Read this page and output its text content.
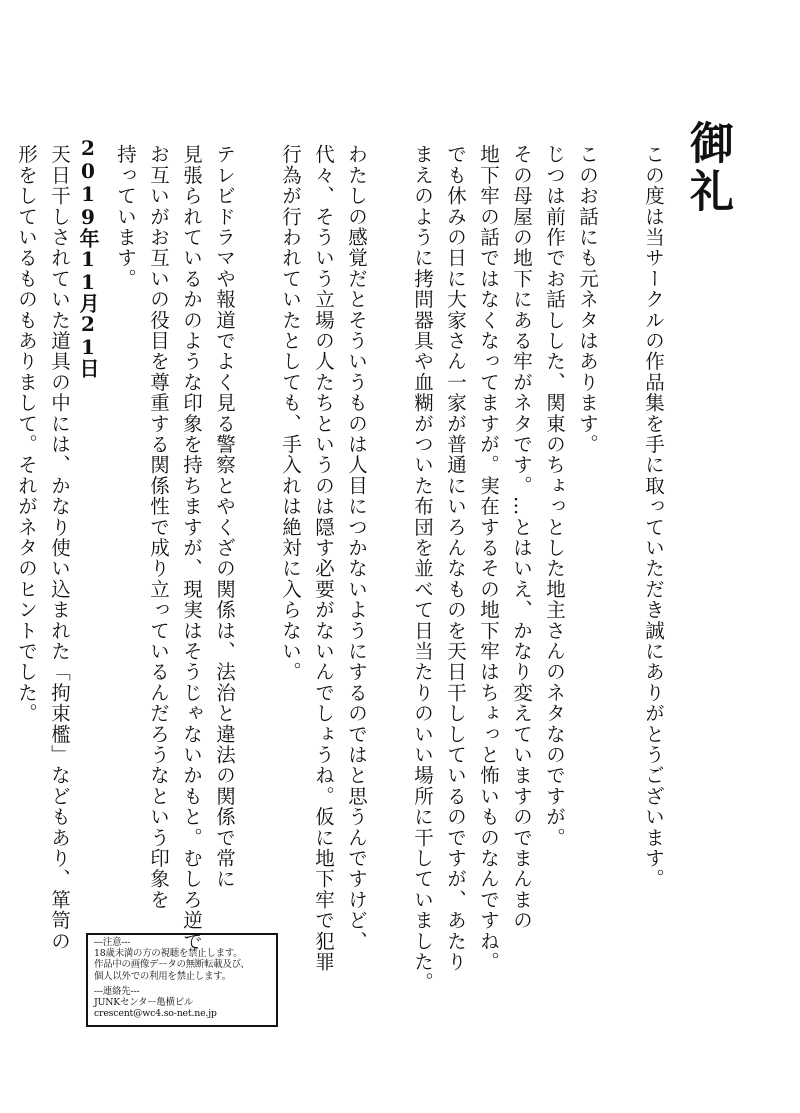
御礼
この度は当サークルの作品集を手に取っていただき誠にありがとうございます。
このお話にも元ネタはあります。
じつは前作でお話しした、関東のちょっとした地主さんのネタなのですが。
その母屋の地下にある牢がネタです。…とはいえ、かなり変えていますのでまんまの
地下牢の話ではなくなってますが。実在するその地下牢はちょっと怖いものなんですね。
でも休みの日に大家さん一家が普通にいろんなものを天日干ししているのですが、あたり
まえのように拷問器具や血糊がついた布団を並べて日当たりのいい場所に干していました。
わたしの感覚だとそういうものは人目につかないようにするのではと思うんですけど、
代々、そういう立場の人たちというのは隠す必要がないんでしょうね。仮に地下牢で犯罪
行為が行われていたとしても、手入れは絶対に入らない。
テレビドラマや報道でよく見る警察とやくざの関係は、法治と違法の関係で常に
見張られているかのような印象を持ちますが、現実はそうじゃないかもと。むしろ逆で
お互いがお互いの役目を尊重する関係性で成り立っているんだろうなという印象を
持っています。
天日干しされていた道具の中には、かなり使い込まれた「拘束檻」などもあり、箪笥の
形をしているものもありまして。それがネタのヒントでした。	2019年11月21日
---注意---
18歳未満の方の視聴を禁止します。
作品中の画像データの無断転載及び、
個人以外での利用を禁止します。
---連絡先---
JUNKセンター亀横ビル
crescent@wc4.so-net.ne.jp
